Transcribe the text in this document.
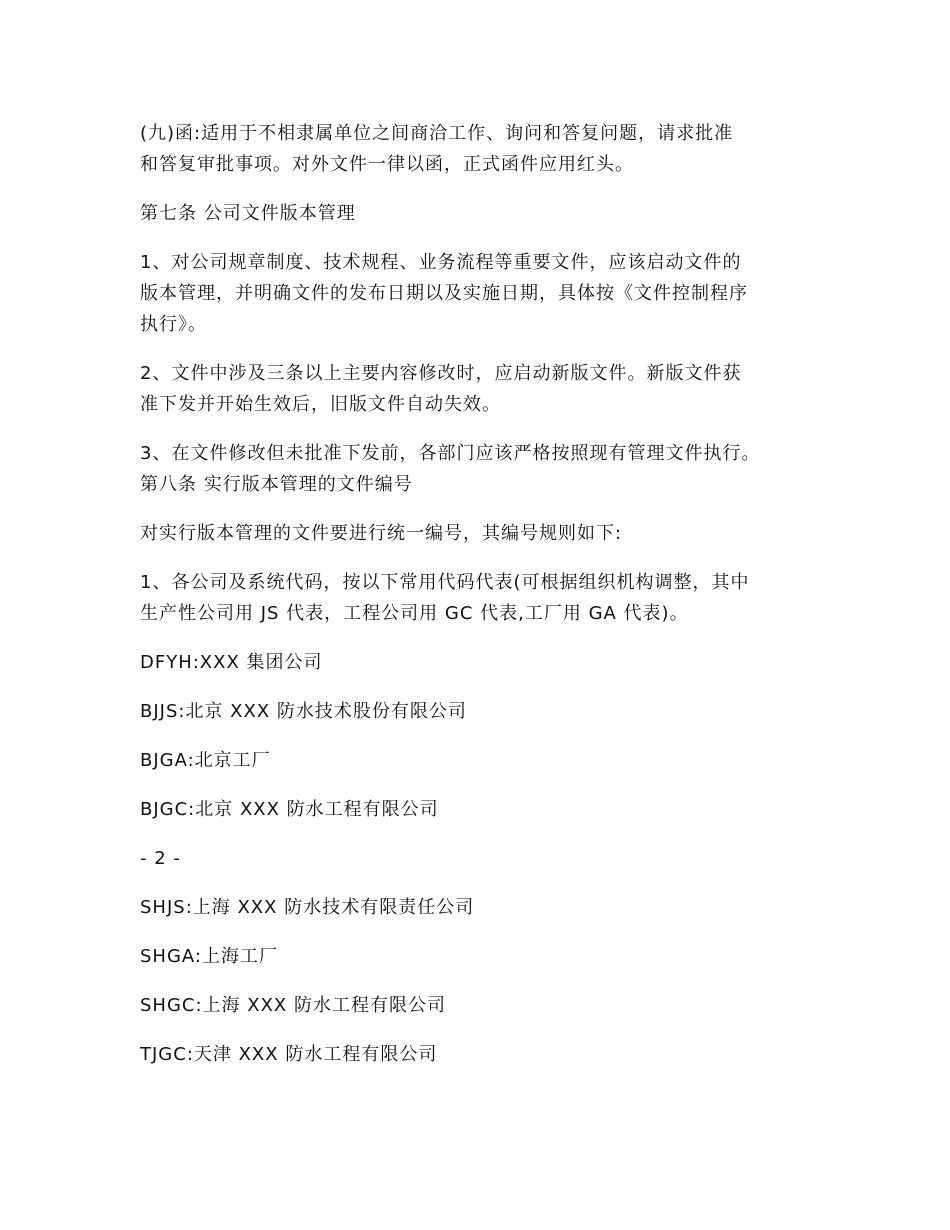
(九)函:适用于不相隶属单位之间商洽工作、询问和答复问题，请求批准
和答复审批事项。对外文件一律以函，正式函件应用红头。
第七条 公司文件版本管理
1、对公司规章制度、技术规程、业务流程等重要文件，应该启动文件的
版本管理，并明确文件的发布日期以及实施日期，具体按《文件控制程序
执行》。
2、文件中涉及三条以上主要内容修改时，应启动新版文件。新版文件获
准下发并开始生效后，旧版文件自动失效。
3、在文件修改但未批准下发前，各部门应该严格按照现有管理文件执行。
第八条 实行版本管理的文件编号
对实行版本管理的文件要进行统一编号，其编号规则如下:
1、各公司及系统代码，按以下常用代码代表(可根据组织机构调整，其中
生产性公司用 JS 代表，工程公司用 GC 代表,工厂用 GA 代表)。
DFYH:XXX 集团公司
BJJS:北京 XXX 防水技术股份有限公司
BJGA:北京工厂
BJGC:北京 XXX 防水工程有限公司
- 2 -
SHJS:上海 XXX 防水技术有限责任公司
SHGA:上海工厂
SHGC:上海 XXX 防水工程有限公司
TJGC:天津 XXX 防水工程有限公司
